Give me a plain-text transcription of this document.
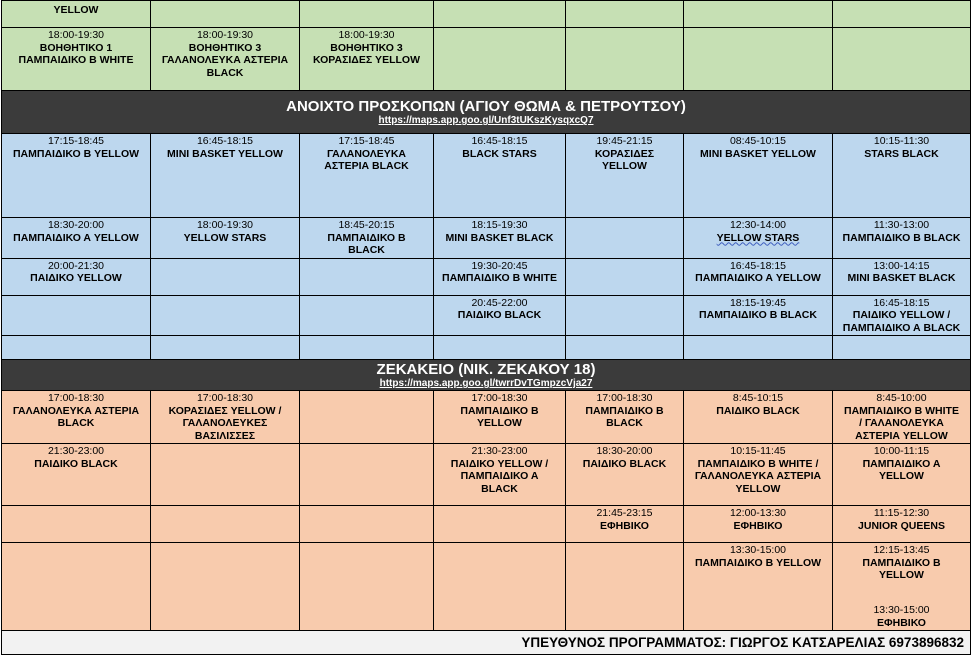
YELLOW						

18:00-19:30
ΒΟΗΘΗΤΙΚΟ 1
ΠΑΜΠΑΙΔΙΚΟ Β WHITE	18:00-19:30
ΒΟΗΘΗΤΙΚΟ 3
ΓΑΛΑΝΟΛΕΥΚΑ ΑΣΤΕΡΙΑ
BLACK	18:00-19:30
ΒΟΗΘΗΤΙΚΟ 3
ΚΟΡΑΣΙΔΕΣ YELLOW				

ΑΝΟΙΧΤΟ ΠΡΟΣΚΟΠΩΝ (ΑΓΙΟΥ ΘΩΜΑ & ΠΕΤΡΟΥΤΣΟΥ)
https://maps.app.goo.gl/Unf3tUKszKysqxcQ7						

17:15-18:45
ΠΑΜΠΑΙΔΙΚΟ Β YELLOW	16:45-18:15
MINI BASKET YELLOW	17:15-18:45
ΓΑΛΑΝΟΛΕΥΚΑ
ΑΣΤΕΡΙΑ BLACK	16:45-18:15
BLACK STARS	19:45-21:15
ΚΟΡΑΣΙΔΕΣ
YELLOW	08:45-10:15
MINI BASKET YELLOW	10:15-11:30
STARS BLACK

18:30-20:00
ΠΑΜΠΑΙΔΙΚΟ Α YELLOW	18:00-19:30
YELLOW STARS	18:45-20:15
ΠΑΜΠΑΙΔΙΚΟ Β
BLACK	18:15-19:30
MINI BASKET BLACK		12:30-14:00
YELLOW STARS	11:30-13:00
ΠΑΜΠΑΙΔΙΚΟ Β BLACK

20:00-21:30
ΠΑΙΔΙΚΟ YELLOW			19:30-20:45
ΠΑΜΠΑΙΔΙΚΟ Β WHITE		16:45-18:15
ΠΑΜΠΑΙΔΙΚΟ Α YELLOW	13:00-14:15
MINI BASKET BLACK

			20:45-22:00
ΠΑΙΔΙΚΟ BLACK		18:15-19:45
ΠΑΜΠΑΙΔΙΚΟ Β BLACK	16:45-18:15
ΠΑΙΔΙΚΟ YELLOW /
ΠΑΜΠΑΙΔΙΚΟ Α BLACK

ΖΕΚΑΚΕΙΟ (ΝΙΚ. ΖΕΚΑΚΟΥ 18)
https://maps.app.goo.gl/twrrDvTGmpzcVja27						

17:00-18:30
ΓΑΛΑΝΟΛΕΥΚΑ ΑΣΤΕΡΙΑ
BLACK	17:00-18:30
ΚΟΡΑΣΙΔΕΣ YELLOW /
ΓΑΛΑΝΟΛΕΥΚΕΣ
ΒΑΣΙΛΙΣΣΕΣ		17:00-18:30
ΠΑΜΠΑΙΔΙΚΟ Β
YELLOW	17:00-18:30
ΠΑΜΠΑΙΔΙΚΟ Β
BLACK	8:45-10:15
ΠΑΙΔΙΚΟ BLACK	8:45-10:00
ΠΑΜΠΑΙΔΙΚΟ Β WHITE
/ ΓΑΛΑΝΟΛΕΥΚΑ
ΑΣΤΕΡΙΑ YELLOW

21:30-23:00
ΠΑΙΔΙΚΟ BLACK			21:30-23:00
ΠΑΙΔΙΚΟ YELLOW /
ΠΑΜΠΑΙΔΙΚΟ Α
BLACK	18:30-20:00
ΠΑΙΔΙΚΟ BLACK	10:15-11:45
ΠΑΜΠΑΙΔΙΚΟ Β WHITE /
ΓΑΛΑΝΟΛΕΥΚΑ ΑΣΤΕΡΙΑ
YELLOW	10:00-11:15
ΠΑΜΠΑΙΔΙΚΟ Α
YELLOW

				21:45-23:15
ΕΦΗΒΙΚΟ	12:00-13:30
ΕΦΗΒΙΚΟ	11:15-12:30
JUNIOR QUEENS

					13:30-15:00
ΠΑΜΠΑΙΔΙΚΟ Β YELLOW	12:15-13:45
ΠΑΜΠΑΙΔΙΚΟ Β
YELLOW
13:30-15:00
ΕΦΗΒΙΚΟ

ΥΠΕΥΘΥΝΟΣ ΠΡΟΓΡΑΜΜΑΤΟΣ: ΓΙΩΡΓΟΣ ΚΑΤΣΑΡΕΛΙΑΣ 6973896832						
